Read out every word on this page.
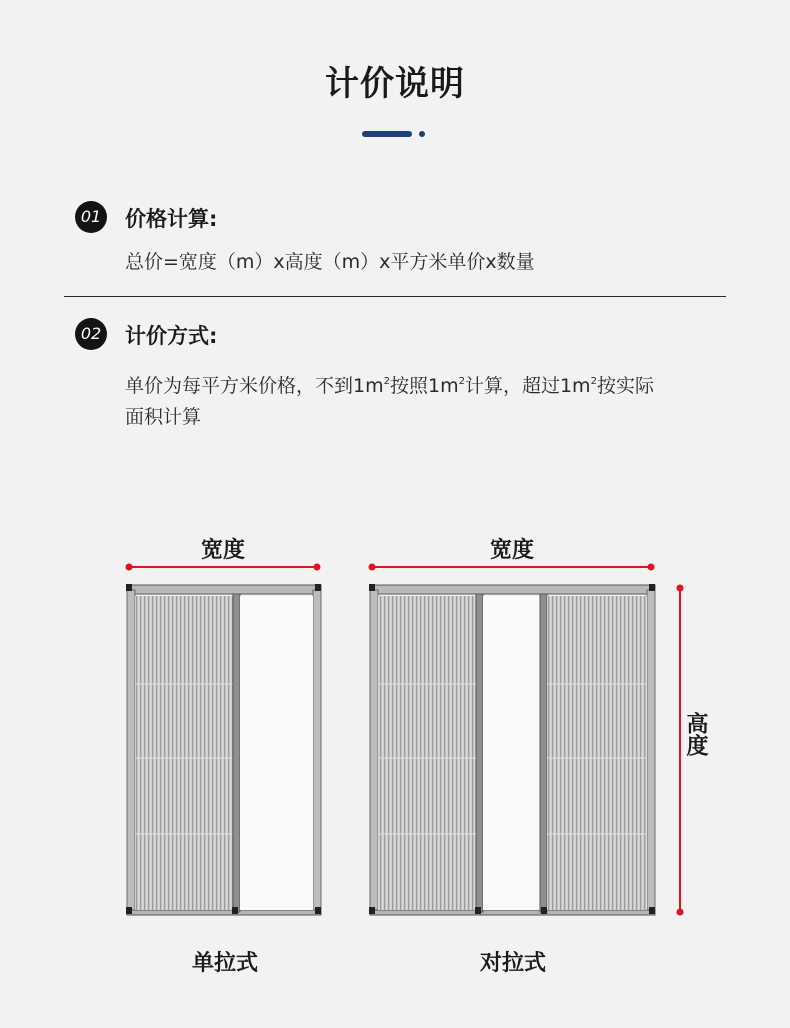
计价说明
01 价格计算:
总价=宽度（m）x高度（m）x平方米单价x数量
02 计价方式:
单价为每平方米价格，不到$1m^2$按照$1m^2$计算，超过$1m^2$按实际
面积计算
宽度	宽度
高度
单拉式	对拉式
